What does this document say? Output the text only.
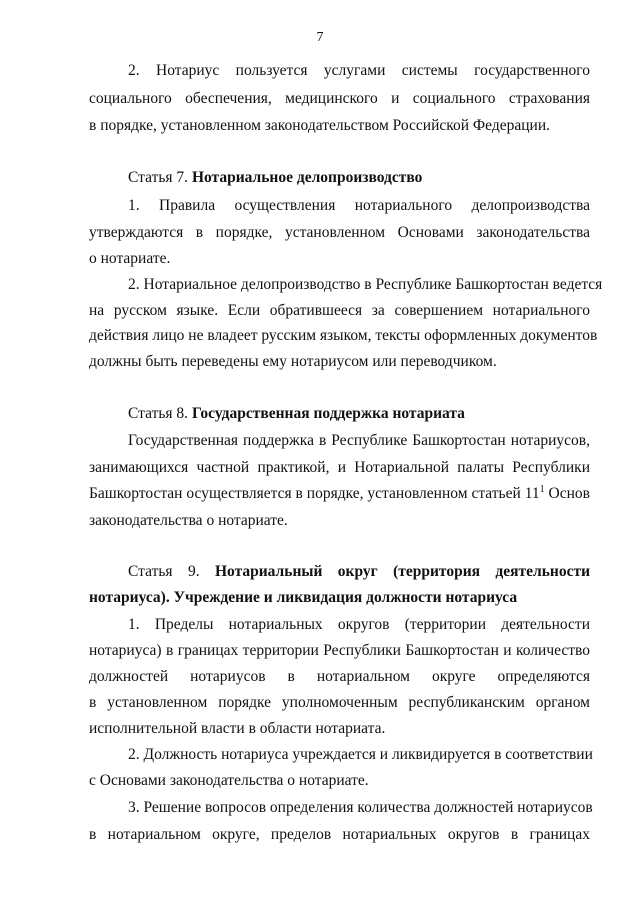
7
2. Нотариус пользуется услугами системы государственного
социального обеспечения, медицинского и социального страхования
в порядке, установленном законодательством Российской Федерации.
Статья 7. Нотариальное делопроизводство
1. Правила осуществления нотариального делопроизводства
утверждаются в порядке, установленном Основами законодательства
о нотариате.
2. Нотариальное делопроизводство в Республике Башкортостан ведется
на русском языке. Если обратившееся за совершением нотариального
действия лицо не владеет русским языком, тексты оформленных документов
должны быть переведены ему нотариусом или переводчиком.
Статья 8. Государственная поддержка нотариата
Государственная поддержка в Республике Башкортостан нотариусов,
занимающихся частной практикой, и Нотариальной палаты Республики
Башкортостан осуществляется в порядке, установленном статьей $11^1$ Основ
законодательства о нотариате.
Статья 9. Нотариальный округ (территория деятельности
нотариуса). Учреждение и ликвидация должности нотариуса
1. Пределы нотариальных округов (территории деятельности
нотариуса) в границах территории Республики Башкортостан и количество
должностей нотариусов в нотариальном округе определяются
в установленном порядке уполномоченным республиканским органом
исполнительной власти в области нотариата.
2. Должность нотариуса учреждается и ликвидируется в соответствии
с Основами законодательства о нотариате.
3. Решение вопросов определения количества должностей нотариусов
в нотариальном округе, пределов нотариальных округов в границах
